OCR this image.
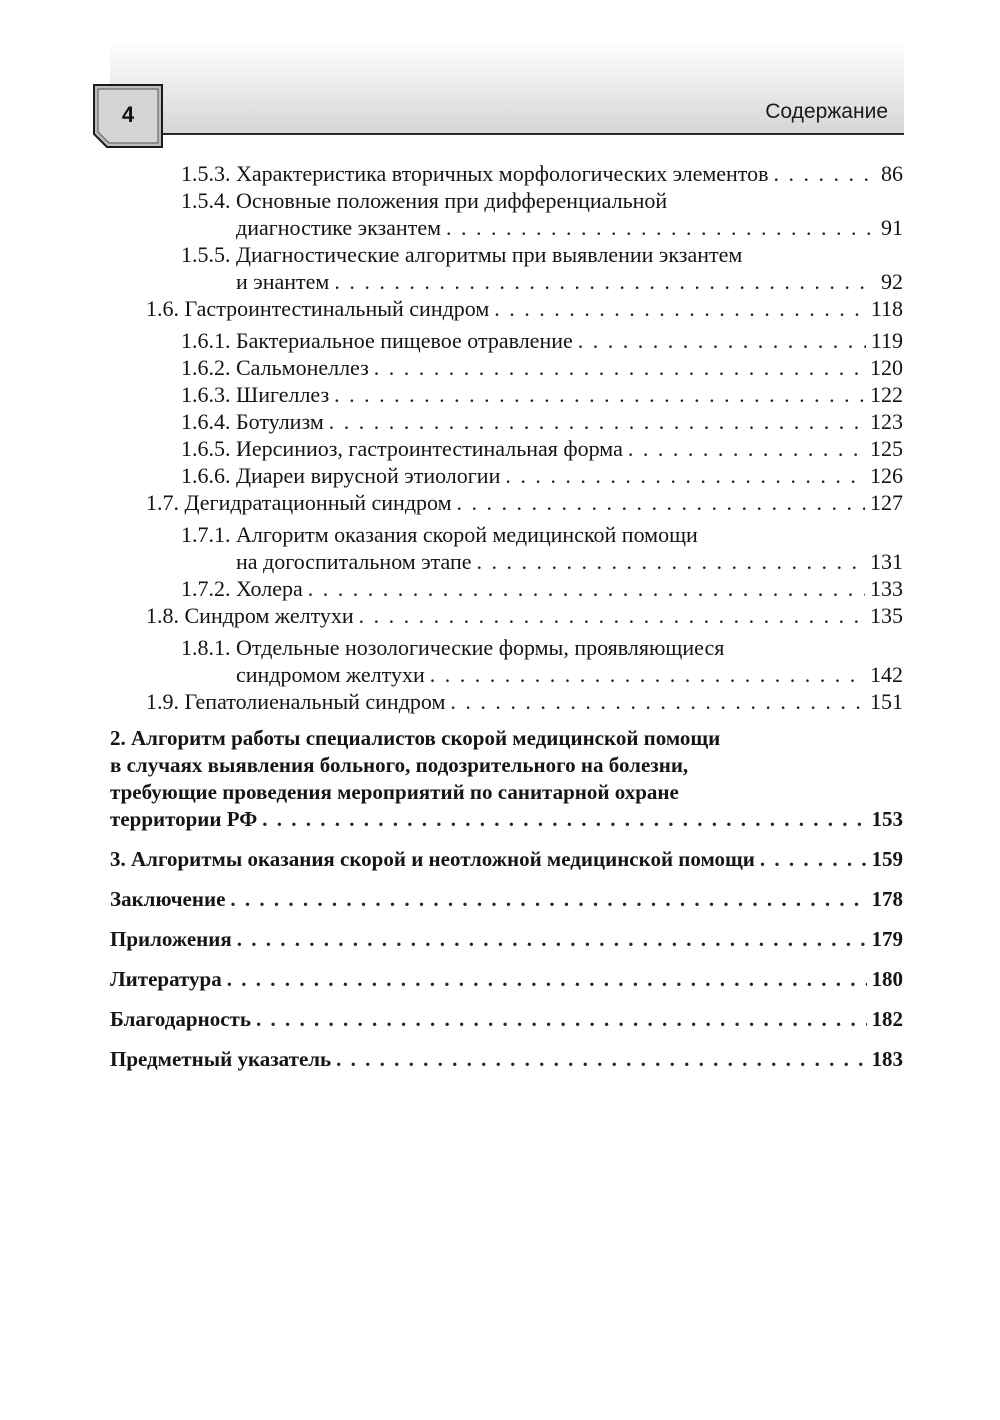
Содержание
4
1.5.3. Характеристика вторичных морфологических элементов . . .	86
1.5.4. Основные положения при дифференциальной
диагностике экзантем . . .	91
1.5.5. Диагностические алгоритмы при выявлении экзантем
и энантем . . .	92
1.6. Гастроинтестинальный синдром . . .	118
1.6.1. Бактериальное пищевое отравление . . .	119
1.6.2. Сальмонеллез . . .	120
1.6.3. Шигеллез . . .	122
1.6.4. Ботулизм . . .	123
1.6.5. Иерсиниоз, гастроинтестинальная форма . . .	125
1.6.6. Диареи вирусной этиологии . . .	126
1.7. Дегидратационный синдром . . .	127
1.7.1. Алгоритм оказания скорой медицинской помощи
на догоспитальном этапе . . .	131
1.7.2. Холера . . .	133
1.8. Синдром желтухи . . .	135
1.8.1. Отдельные нозологические формы, проявляющиеся
синдромом желтухи . . .	142
1.9. Гепатолиенальный синдром . . .	151
2. Алгоритм работы специалистов скорой медицинской помощи
в случаях выявления больного, подозрительного на болезни,
требующие проведения мероприятий по санитарной охране
территории РФ . . .	153
3. Алгоритмы оказания скорой и неотложной медицинской помощи . . .	159
Заключение . . .	178
Приложения . . .	179
Литература . . .	180
Благодарность . . .	182
Предметный указатель . . .	183
